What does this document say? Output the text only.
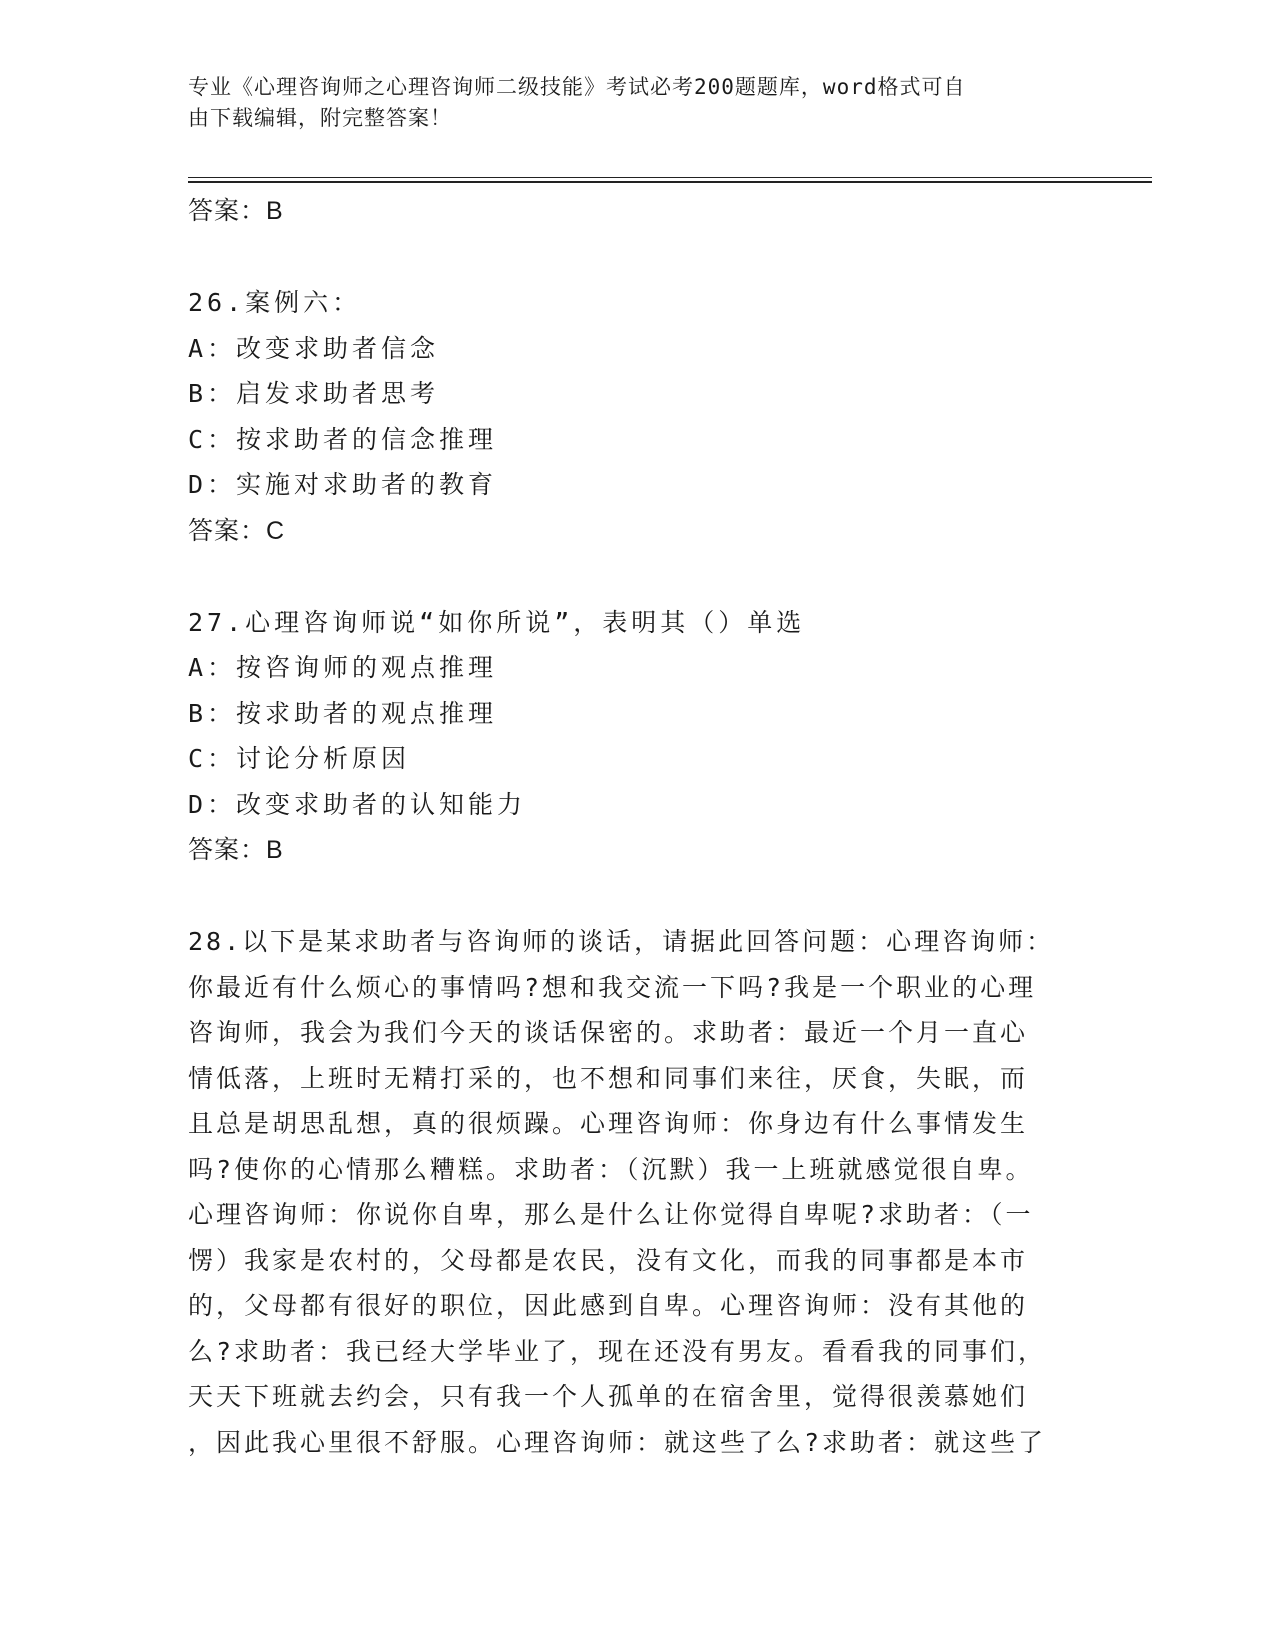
专业《心理咨询师之心理咨询师二级技能》考试必考200题题库，word格式可自
由下载编辑，附完整答案！
答案：B
26.案例六：
A：改变求助者信念
B：启发求助者思考
C：按求助者的信念推理
D：实施对求助者的教育
答案：C
27.心理咨询师说“如你所说”，表明其（）单选
A：按咨询师的观点推理
B：按求助者的观点推理
C：讨论分析原因
D：改变求助者的认知能力
答案：B
28.以下是某求助者与咨询师的谈话，请据此回答问题：心理咨询师：
你最近有什么烦心的事情吗?想和我交流一下吗?我是一个职业的心理
咨询师，我会为我们今天的谈话保密的。求助者：最近一个月一直心
情低落，上班时无精打采的，也不想和同事们来往，厌食，失眠，而
且总是胡思乱想，真的很烦躁。心理咨询师：你身边有什么事情发生
吗?使你的心情那么糟糕。求助者：（沉默）我一上班就感觉很自卑。
心理咨询师：你说你自卑，那么是什么让你觉得自卑呢?求助者：（一
愣）我家是农村的，父母都是农民，没有文化，而我的同事都是本市
的，父母都有很好的职位，因此感到自卑。心理咨询师：没有其他的
么?求助者：我已经大学毕业了，现在还没有男友。看看我的同事们，
天天下班就去约会，只有我一个人孤单的在宿舍里，觉得很羡慕她们
，因此我心里很不舒服。心理咨询师：就这些了么?求助者：就这些了
